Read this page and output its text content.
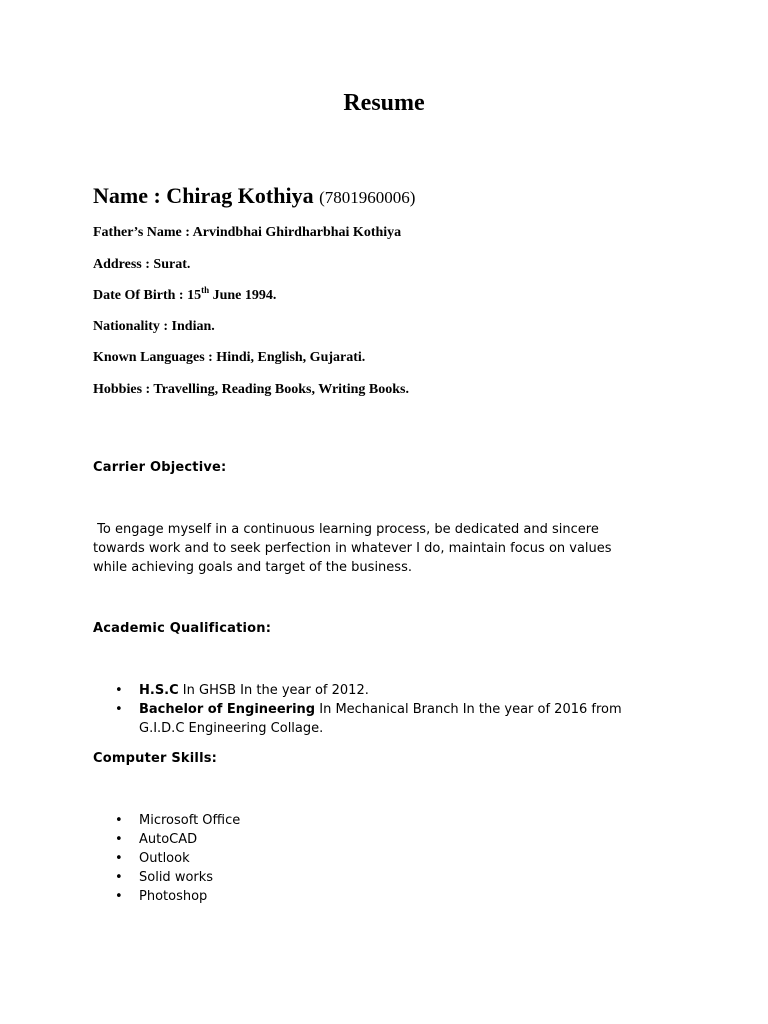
Resume
Name : Chirag Kothiya (7801960006)
Father’s Name : Arvindbhai Ghirdharbhai Kothiya
Address : Surat.
Date Of Birth : 15th June 1994.
Nationality : Indian.
Known Languages : Hindi, English, Gujarati.
Hobbies : Travelling, Reading Books, Writing Books.
Carrier Objective:

To engage myself in a continuous learning process, be dedicated and sincere
towards work and to seek perfection in whatever I do, maintain focus on values
while achieving goals and target of the business.

Academic Qualification:
• H.S.C In GHSB In the year of 2012.
• Bachelor of Engineering In Mechanical Branch In the year of 2016 from
G.I.D.C Engineering Collage.
Computer Skills:
• Microsoft Office
• AutoCAD
• Outlook
• Solid works
• Photoshop
